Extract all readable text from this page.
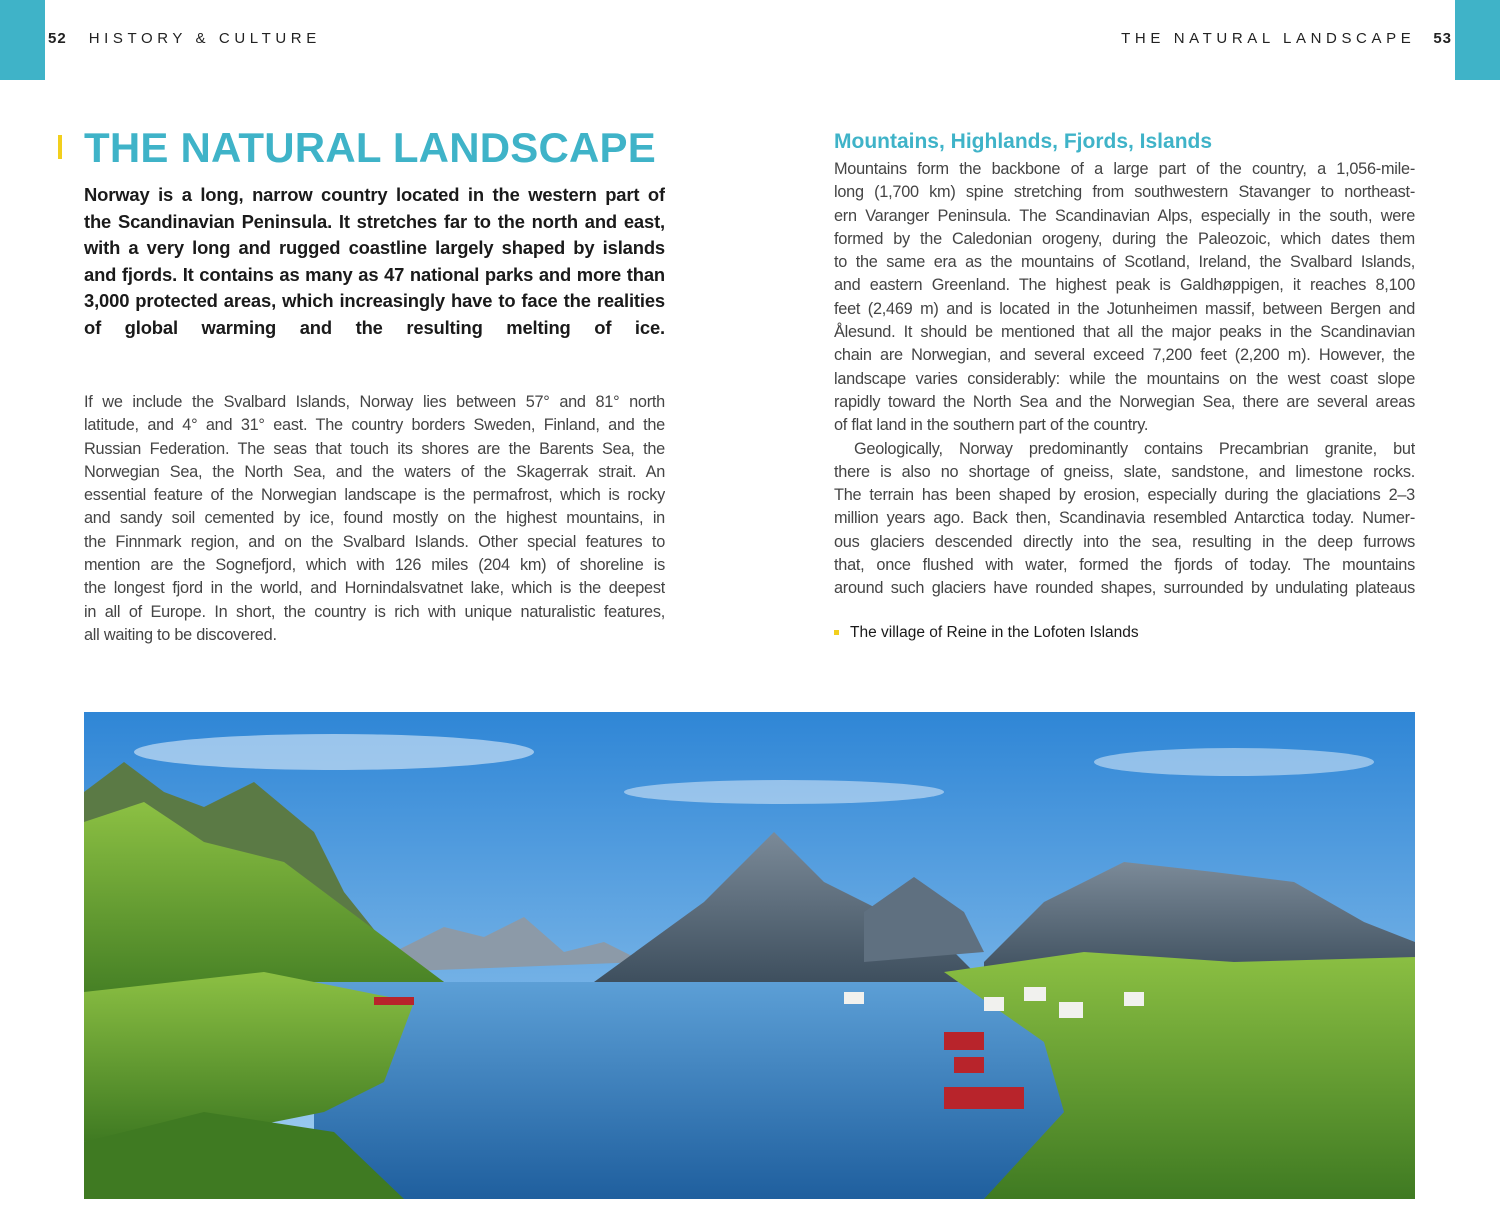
52 HISTORY & CULTURE	THE NATURAL LANDSCAPE 53
THE NATURAL LANDSCAPE
Norway is a long, narrow country located in the western part of
the Scandinavian Peninsula. It stretches far to the north and east,
with a very long and rugged coastline largely shaped by islands
and fjords. It contains as many as 47 national parks and more than
3,000 protected areas, which increasingly have to face the realities
of global warming and the resulting melting of ice.
If we include the Svalbard Islands, Norway lies between 57° and 81° north
latitude, and 4° and 31° east. The country borders Sweden, Finland, and the
Russian Federation. The seas that touch its shores are the Barents Sea, the
Norwegian Sea, the North Sea, and the waters of the Skagerrak strait. An
essential feature of the Norwegian landscape is the permafrost, which is rocky
and sandy soil cemented by ice, found mostly on the highest mountains, in
the Finnmark region, and on the Svalbard Islands. Other special features to
mention are the Sognefjord, which with 126 miles (204 km) of shoreline is
the longest fjord in the world, and Hornindalsvatnet lake, which is the deepest
in all of Europe. In short, the country is rich with unique naturalistic features,
all waiting to be discovered.
Mountains, Highlands, Fjords, Islands
Mountains form the backbone of a large part of the country, a 1,056-mile-
long (1,700 km) spine stretching from southwestern Stavanger to northeast-
ern Varanger Peninsula. The Scandinavian Alps, especially in the south, were
formed by the Caledonian orogeny, during the Paleozoic, which dates them
to the same era as the mountains of Scotland, Ireland, the Svalbard Islands,
and eastern Greenland. The highest peak is Galdhøppigen, it reaches 8,100
feet (2,469 m) and is located in the Jotunheimen massif, between Bergen and
Ålesund. It should be mentioned that all the major peaks in the Scandinavian
chain are Norwegian, and several exceed 7,200 feet (2,200 m). However, the
landscape varies considerably: while the mountains on the west coast slope
rapidly toward the North Sea and the Norwegian Sea, there are several areas
of flat land in the southern part of the country.
Geologically, Norway predominantly contains Precambrian granite, but
there is also no shortage of gneiss, slate, sandstone, and limestone rocks.
The terrain has been shaped by erosion, especially during the glaciations 2–3
million years ago. Back then, Scandinavia resembled Antarctica today. Numer-
ous glaciers descended directly into the sea, resulting in the deep furrows
that, once flushed with water, formed the fjords of today. The mountains
around such glaciers have rounded shapes, surrounded by undulating plateaus
The village of Reine in the Lofoten Islands
